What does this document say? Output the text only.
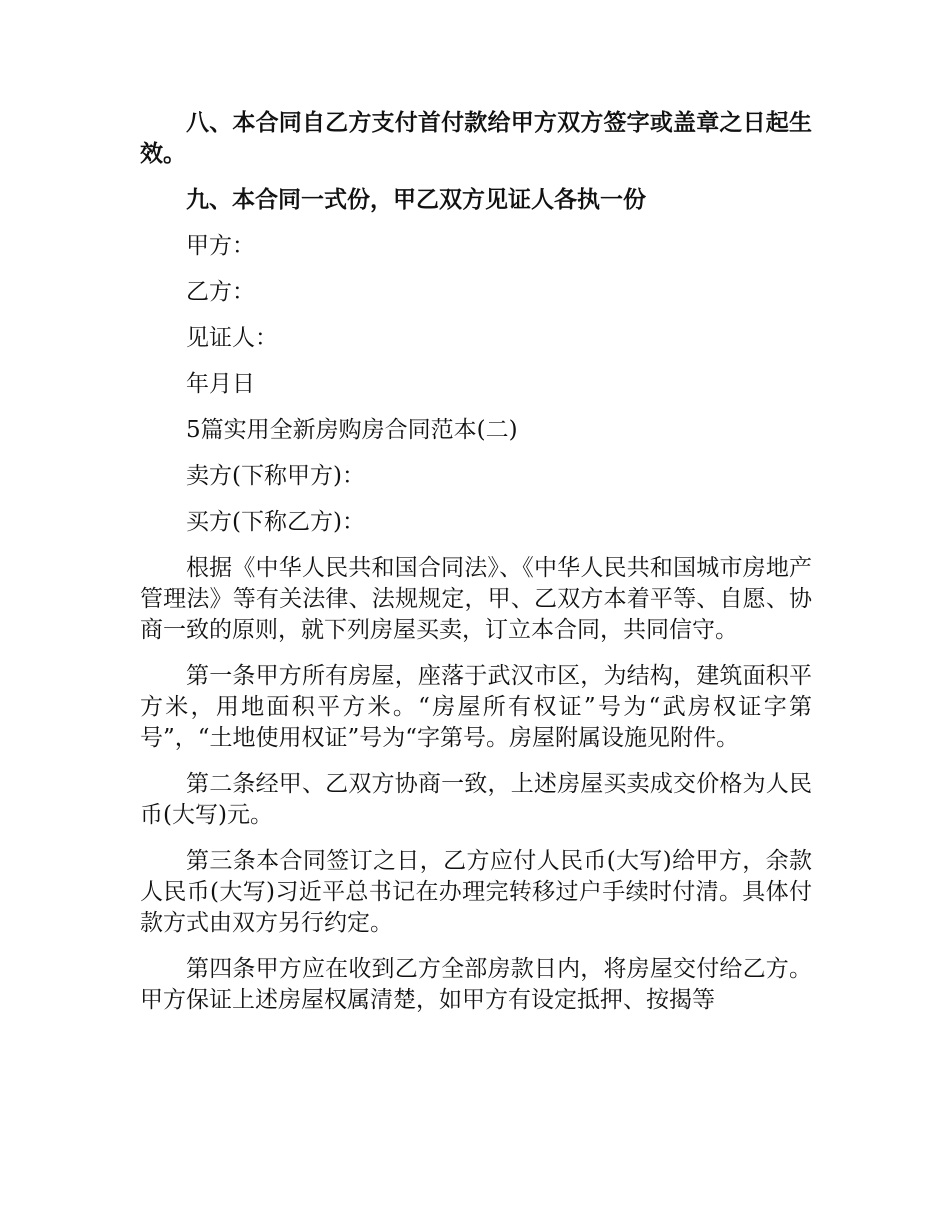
八、本合同自乙方支付首付款给甲方双方签字或盖章之日起生效。

九、本合同一式份，甲乙双方见证人各执一份

甲方：

乙方：

见证人：

年月日

5篇实用全新房购房合同范本(二)

卖方(下称甲方)：

买方(下称乙方)：

根据《中华人民共和国合同法》、《中华人民共和国城市房地产管理法》等有关法律、法规规定，甲、乙双方本着平等、自愿、协商一致的原则，就下列房屋买卖，订立本合同，共同信守。

第一条甲方所有房屋，座落于武汉市区，为结构，建筑面积平方米，用地面积平方米。“房屋所有权证”号为“武房权证字第号”，“土地使用权证”号为“字第号。房屋附属设施见附件。

第二条经甲、乙双方协商一致，上述房屋买卖成交价格为人民币(大写)元。

第三条本合同签订之日，乙方应付人民币(大写)给甲方，余款人民币(大写)习近平总书记在办理完转移过户手续时付清。具体付款方式由双方另行约定。

第四条甲方应在收到乙方全部房款日内，将房屋交付给乙方。甲方保证上述房屋权属清楚，如甲方有设定抵押、按揭等
